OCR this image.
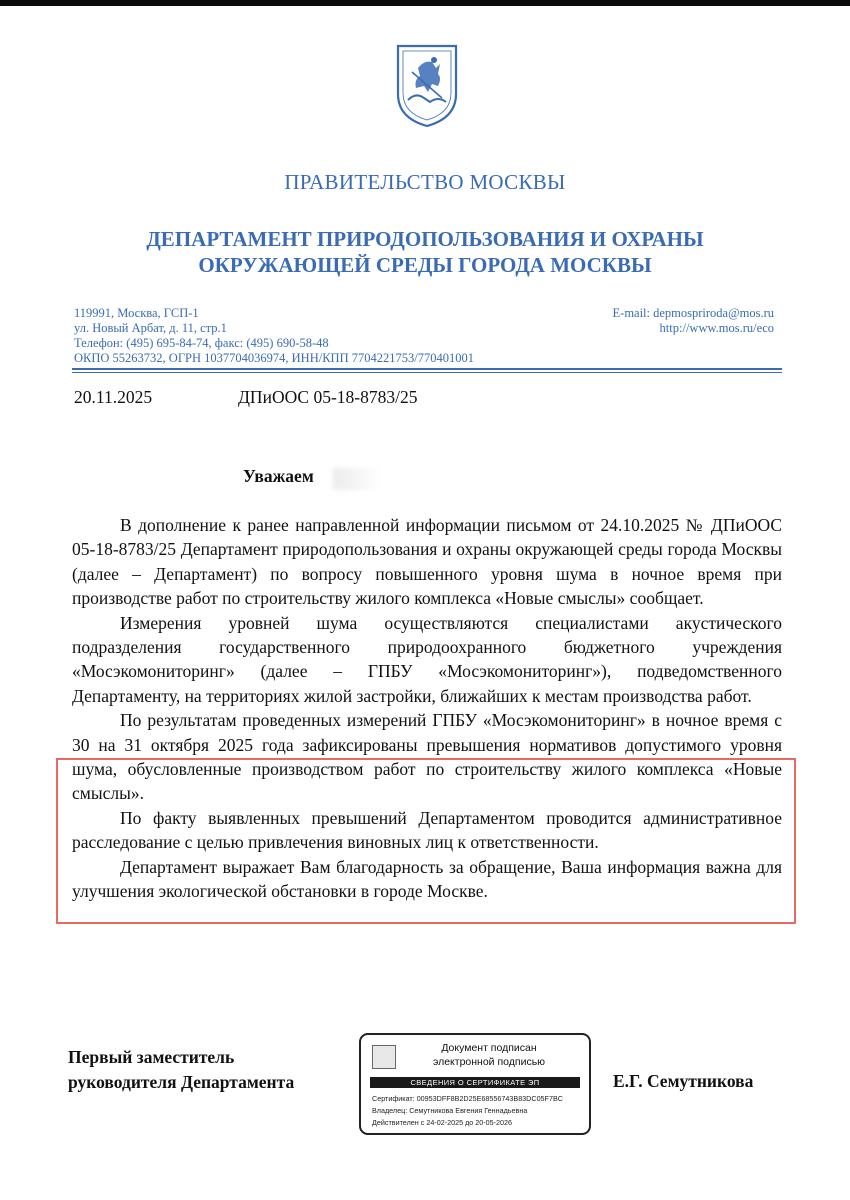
ПРАВИТЕЛЬСТВО МОСКВЫ
ДЕПАРТАМЕНТ ПРИРОДОПОЛЬЗОВАНИЯ И ОХРАНЫ
ОКРУЖАЮЩЕЙ СРЕДЫ ГОРОДА МОСКВЫ
119991, Москва, ГСП-1
ул. Новый Арбат, д. 11, стр.1
Телефон: (495) 695-84-74, факс: (495) 690-58-48
ОКПО 55263732, ОГРН 1037704036974, ИНН/КПП 7704221753/770401001
E-mail: depmospriroda@mos.ru
http://www.mos.ru/eco
20.11.2025	ДПиООС 05-18-8783/25
Уважаем

В дополнение к ранее направленной информации письмом от 24.10.2025 № ДПиООС 05-18-8783/25 Департамент природопользования и охраны окружающей среды города Москвы (далее – Департамент) по вопросу повышенного уровня шума в ночное время при производстве работ по строительству жилого комплекса «Новые смыслы» сообщает.

Измерения уровней шума осуществляются специалистами акустического подразделения государственного природоохранного бюджетного учреждения «Мосэкомониторинг» (далее – ГПБУ «Мосэкомониторинг»), подведомственного Департаменту, на территориях жилой застройки, ближайших к местам производства работ.

По результатам проведенных измерений ГПБУ «Мосэкомониторинг» в ночное время с 30 на 31 октября 2025 года зафиксированы превышения нормативов допустимого уровня шума, обусловленные производством работ по строительству жилого комплекса «Новые смыслы».

По факту выявленных превышений Департаментом проводится административное расследование с целью привлечения виновных лиц к ответственности.

Департамент выражает Вам благодарность за обращение, Ваша информация важна для улучшения экологической обстановки в городе Москве.

Первый заместитель
руководителя Департамента
Документ подписан
электронной подписью
СВЕДЕНИЯ О СЕРТИФИКАТЕ ЭП
Сертификат: 00953DFF8B2D25E68556743B83DC05F7BC
Владелец: Семутникова Евгения Геннадьевна
Действителен с 24-02-2025 до 20-05-2026
Е.Г. Семутникова
